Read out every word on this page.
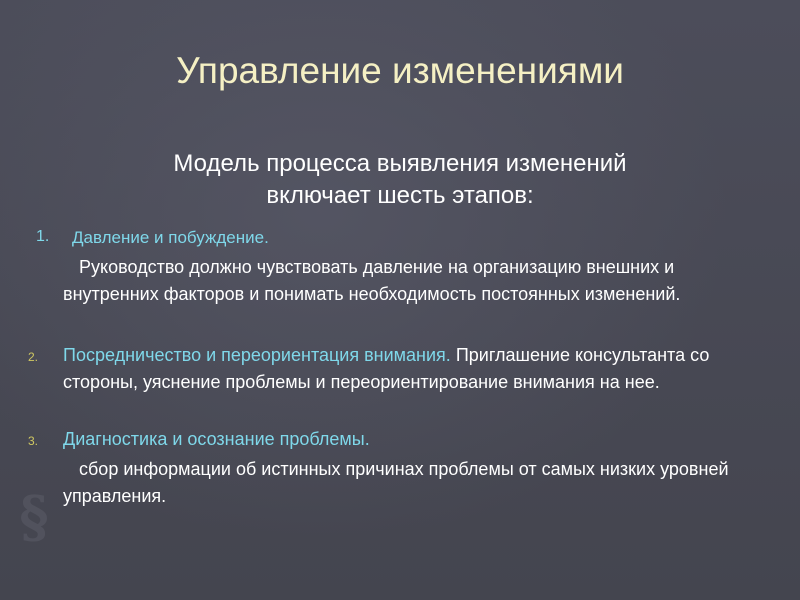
§
Управление изменениями
Модель процесса выявления изменений
включает шесть этапов:
1. Давление и побуждение.
Руководство должно чувствовать давление на организацию внешних и внутренних факторов и понимать необходимость постоянных изменений.
2. Посредничество и переориентация внимания. Приглашение консультанта со стороны, уяснение проблемы и переориентирование внимания на нее.
3. Диагностика и осознание проблемы.
сбор информации об истинных причинах проблемы от самых низких уровней управления.
